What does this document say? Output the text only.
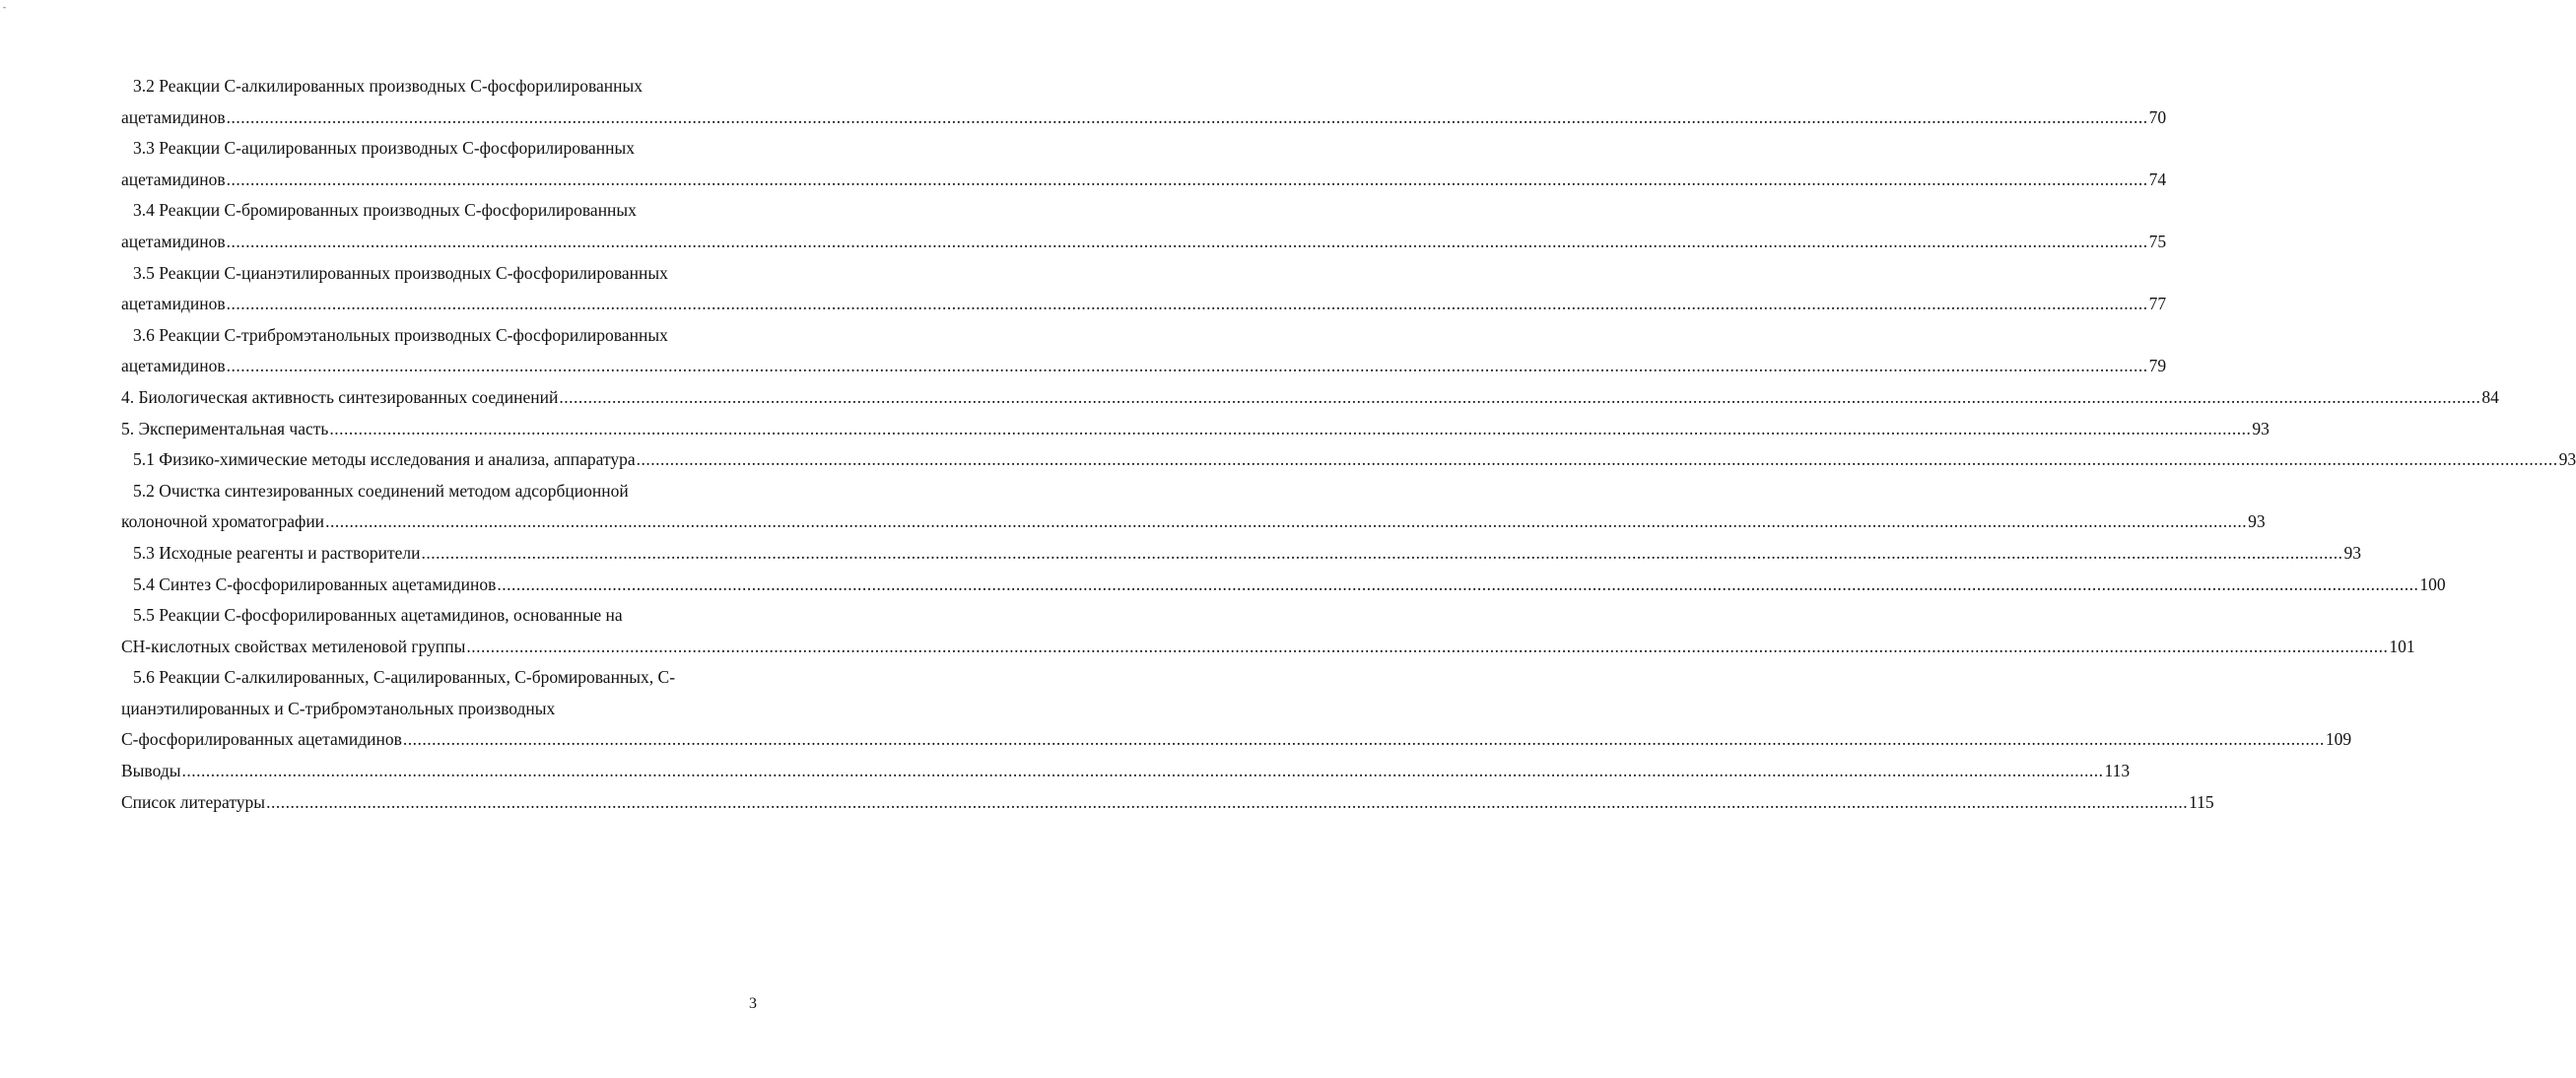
-
3.2 Реакции С-алкилированных производных С-фосфорилированных
ацетамидинов ................................................................................................................................................................................................................................................................................................................................................................................................................ 70
3.3 Реакции С-ацилированных производных С-фосфорилированных
ацетамидинов ................................................................................................................................................................................................................................................................................................................................................................................................................ 74
3.4 Реакции С-бромированных производных С-фосфорилированных
ацетамидинов ................................................................................................................................................................................................................................................................................................................................................................................................................ 75
3.5 Реакции С-цианэтилированных производных С-фосфорилированных
ацетамидинов ................................................................................................................................................................................................................................................................................................................................................................................................................ 77
3.6 Реакции С-трибромэтанольных производных С-фосфорилированных
ацетамидинов ................................................................................................................................................................................................................................................................................................................................................................................................................ 79
4. Биологическая активность синтезированных соединений ................................................................................................................................................................................................................................................................................................................................................................................................................ 84
5. Экспериментальная часть ................................................................................................................................................................................................................................................................................................................................................................................................................ 93
5.1 Физико-химические методы исследования и анализа, аппаратура ................................................................................................................................................................................................................................................................................................................................................................................................................ 93
5.2 Очистка синтезированных соединений методом адсорбционной
колоночной хроматографии ................................................................................................................................................................................................................................................................................................................................................................................................................ 93
5.3 Исходные реагенты и растворители ................................................................................................................................................................................................................................................................................................................................................................................................................ 93
5.4 Синтез С-фосфорилированных ацетамидинов ................................................................................................................................................................................................................................................................................................................................................................................................................ 100
5.5 Реакции С-фосфорилированных ацетамидинов, основанные на
СН-кислотных свойствах метиленовой группы ................................................................................................................................................................................................................................................................................................................................................................................................................ 101
5.6 Реакции С-алкилированных, С-ацилированных, С-бромированных, С-
цианэтилированных и С-трибромэтанольных производных
С-фосфорилированных ацетамидинов ................................................................................................................................................................................................................................................................................................................................................................................................................ 109
Выводы ................................................................................................................................................................................................................................................................................................................................................................................................................ 113
Список литературы ................................................................................................................................................................................................................................................................................................................................................................................................................ 115
3
